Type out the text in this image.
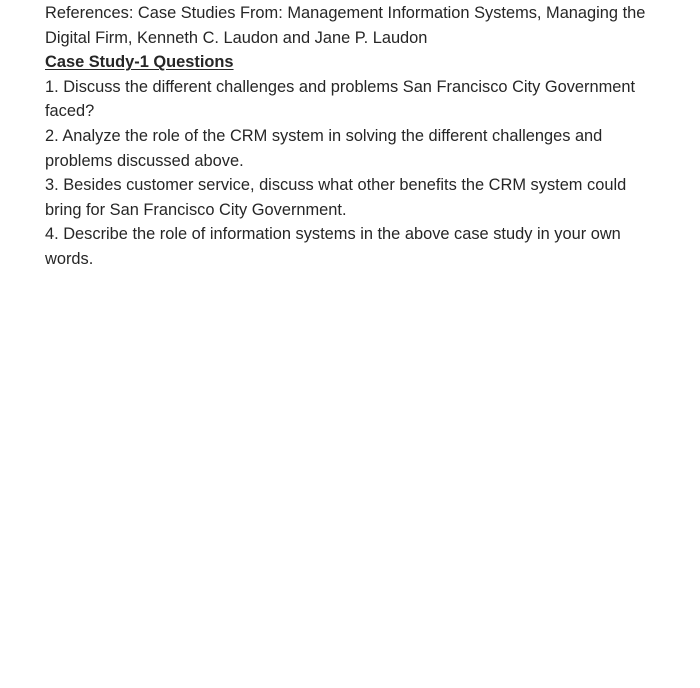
References: Case Studies From: Management Information Systems, Managing the Digital Firm, Kenneth C. Laudon and Jane P. Laudon

Case Study-1 Questions

1. Discuss the different challenges and problems San Francisco City Government faced?
2. Analyze the role of the CRM system in solving the different challenges and problems discussed above.
3. Besides customer service, discuss what other benefits the CRM system could bring for San Francisco City Government.
4. Describe the role of information systems in the above case study in your own words.
